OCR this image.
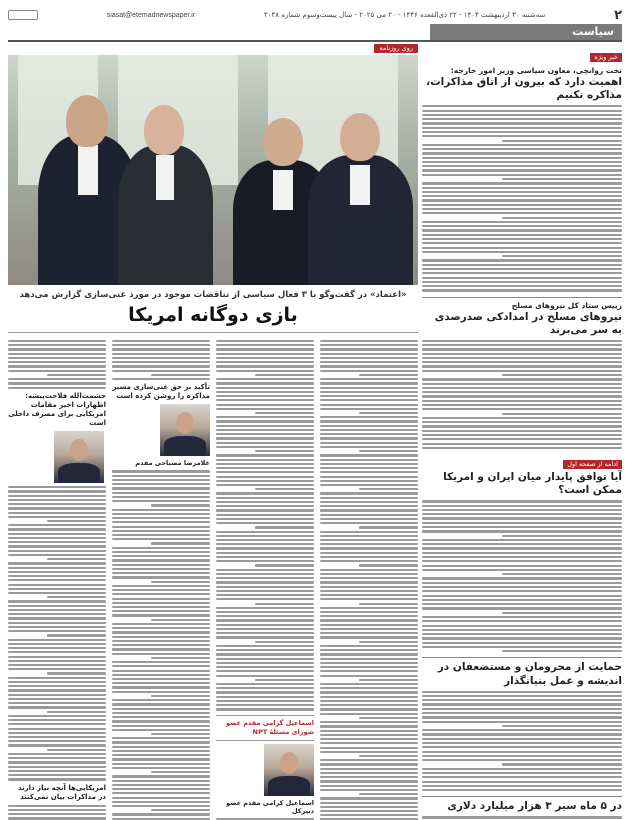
۲
سه‌شنبه ۳۰ اردیبهشت ۱۴۰۴ - ۲۲ ذی‌القعده ۱۴۴۶ - ۲۰ می ۲۰۲۵ - سال بیست‌وسوم شماره ۴۰۴۸
siasat@etemadnewspaper.ir
سیاست
خبر ویژه
تخت روانچی، معاون سیاسی وزیر امور خارجه:
اهمیت دارد که بیرون از اتاق مذاکرات، مذاکره نکنیم
رییس ستاد کل نیروهای مسلح
نیروهای مسلح در امداد‌کی صدرصدی به سر می‌برند
ادامه از صفحه اول
آیا توافق پایدار میان ایران و امریکا ممکن است؟
حمایت از محرومان و مستضعفان در اندیشه و عمل بنیانگذار
در ۵ ماه سیر ۳ هزار میلیارد دلاری
روی روزنامه
«اعتماد» در گفت‌وگو با ۳ فعال سیاسی از تناقضات موجود در مورد غنی‌سازی گزارش می‌دهد
بازی دوگانه امریکا
اسماعیل گرامی مقدم عضو شورای مسئلهٔ NPT
اسماعیل کرامی مقدم عضو دبیرکل
تأکید بر حق غنی‌سازی مسیر مذاکره را روشن کرده است
غلامرضا مصباحی مقدم
حشمت‌الله فلاحت‌پیشه: اظهارات اخیر مقامات امریکایی برای مصرف داخلی است
امریکایی‌ها آنچه نیاز دارند در مذاکرات بیان نمی‌کنند
